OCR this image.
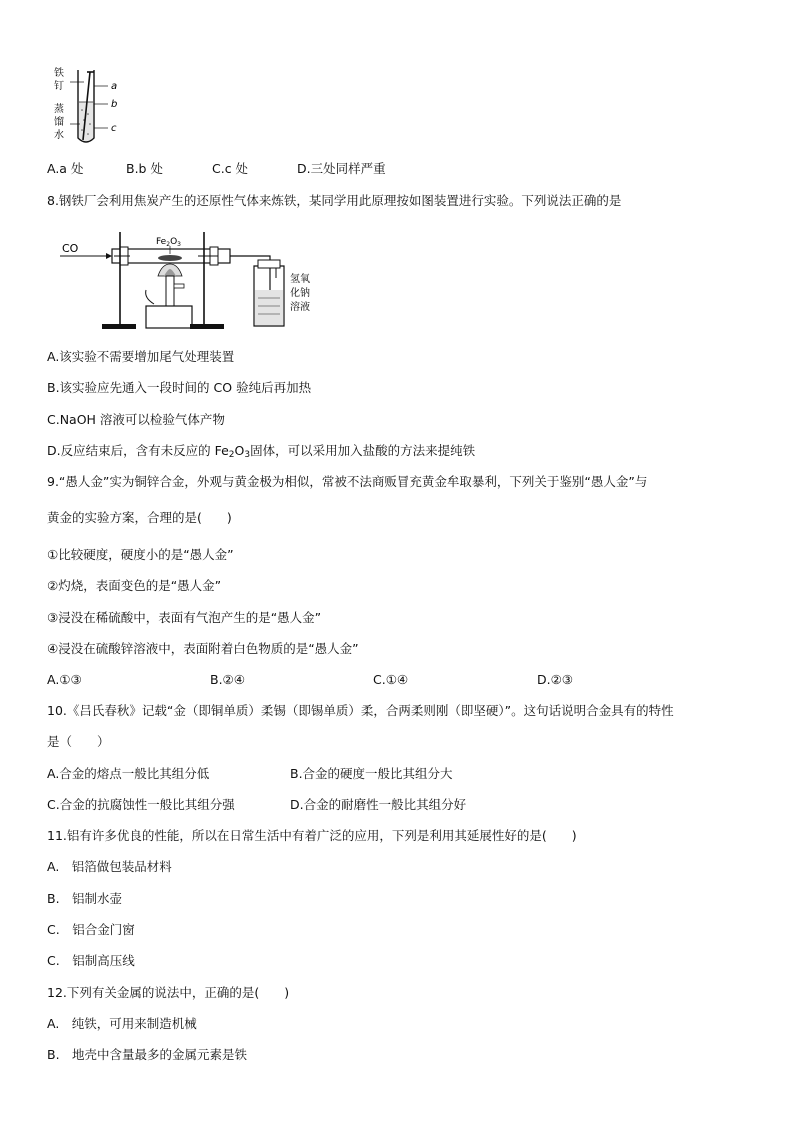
铁
钉
蒸
馏
水
a
b
c
A.a 处	B.b 处	C.c 处	D.三处同样严重
8.钢铁厂会利用焦炭产生的还原性气体来炼铁，某同学用此原理按如图装置进行实验。下列说法正确的是
CO	$Fe_2O_3$
氢氧
化钠
溶液
A.该实验不需要增加尾气处理装置
B.该实验应先通入一段时间的 CO 验纯后再加热
C.NaOH 溶液可以检验气体产物
D.反应结束后，含有未反应的 $Fe_2O_3$固体，可以采用加入盐酸的方法来提纯铁
9.“愚人金”实为铜锌合金，外观与黄金极为相似，常被不法商贩冒充黄金牟取暴利，下列关于鉴别“愚人金”与
黄金的实验方案，合理的是(　　)
①比较硬度，硬度小的是“愚人金”
②灼烧，表面变色的是“愚人金”
③浸没在稀硫酸中，表面有气泡产生的是“愚人金”
④浸没在硫酸锌溶液中，表面附着白色物质的是“愚人金”
A.①③	B.②④	C.①④	D.②③
10.《吕氏春秋》记载“金（即铜单质）柔锡（即锡单质）柔，合两柔则刚（即坚硬）”。这句话说明合金具有的特性
是（　　）
A.合金的熔点一般比其组分低	B.合金的硬度一般比其组分大
C.合金的抗腐蚀性一般比其组分强	D.合金的耐磨性一般比其组分好
11.铝有许多优良的性能，所以在日常生活中有着广泛的应用，下列是利用其延展性好的是(　　)
A.　铝箔做包装品材料
B.　铝制水壶
C.　铝合金门窗
C.　铝制高压线
12.下列有关金属的说法中，正确的是(　　)
A.　纯铁，可用来制造机械
B.　地壳中含量最多的金属元素是铁
